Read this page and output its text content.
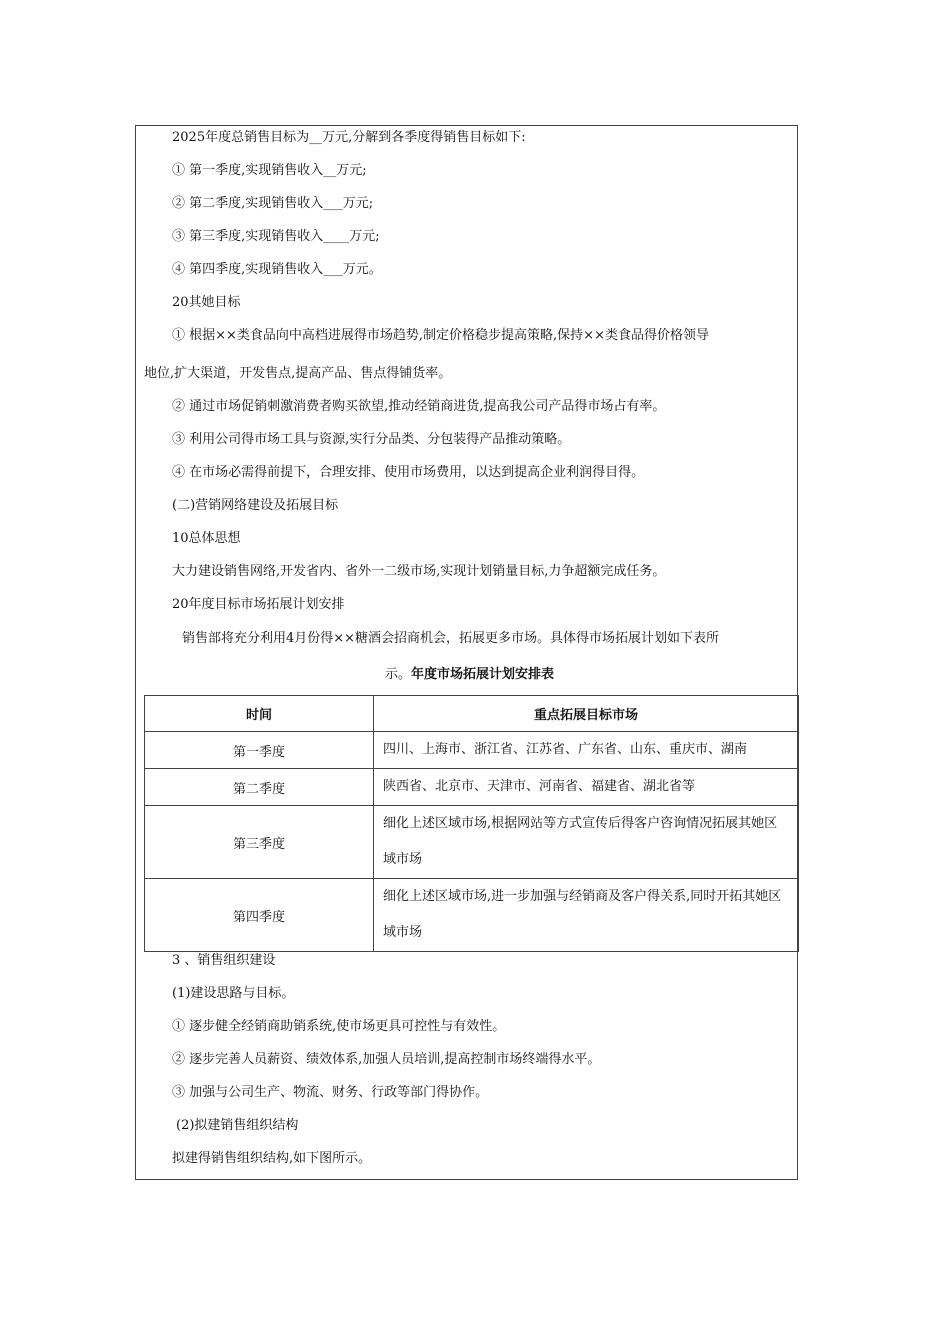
2025年度总销售目标为__万元,分解到各季度得销售目标如下:
① 第一季度,实现销售收入__万元;
② 第二季度,实现销售收入___万元;
③ 第三季度,实现销售收入____万元;
④ 第四季度,实现销售收入___万元。
20其她目标
① 根据××类食品向中高档进展得市场趋势,制定价格稳步提高策略,保持××类食品得价格领导
地位,扩大渠道，开发售点,提高产品、售点得铺货率。
② 通过市场促销刺激消费者购买欲望,推动经销商进货,提高我公司产品得市场占有率。
③ 利用公司得市场工具与资源,实行分品类、分包装得产品推动策略。
④ 在市场必需得前提下，合理安排、使用市场费用，以达到提高企业利润得目得。
(二)营销网络建设及拓展目标
10总体思想
大力建设销售网络,开发省内、省外一二级市场,实现计划销量目标,力争超额完成任务。
20年度目标市场拓展计划安排
销售部将充分利用4月份得××糖酒会招商机会，拓展更多市场。具体得市场拓展计划如下表所
示。年度市场拓展计划安排表
时间	重点拓展目标市场
第一季度	四川、上海市、浙江省、江苏省、广东省、山东、重庆市、湖南
第二季度	陕西省、北京市、天津市、河南省、福建省、湖北省等
第三季度	细化上述区域市场,根据网站等方式宣传后得客户咨询情况拓展其她区域市场
第四季度	细化上述区域市场,进一步加强与经销商及客户得关系,同时开拓其她区域市场
3 、销售组织建设
(1)建设思路与目标。
① 逐步健全经销商助销系统,使市场更具可控性与有效性。
② 逐步完善人员薪资、绩效体系,加强人员培训,提高控制市场终端得水平。
③ 加强与公司生产、物流、财务、行政等部门得协作。
(2)拟建销售组织结构
拟建得销售组织结构,如下图所示。
